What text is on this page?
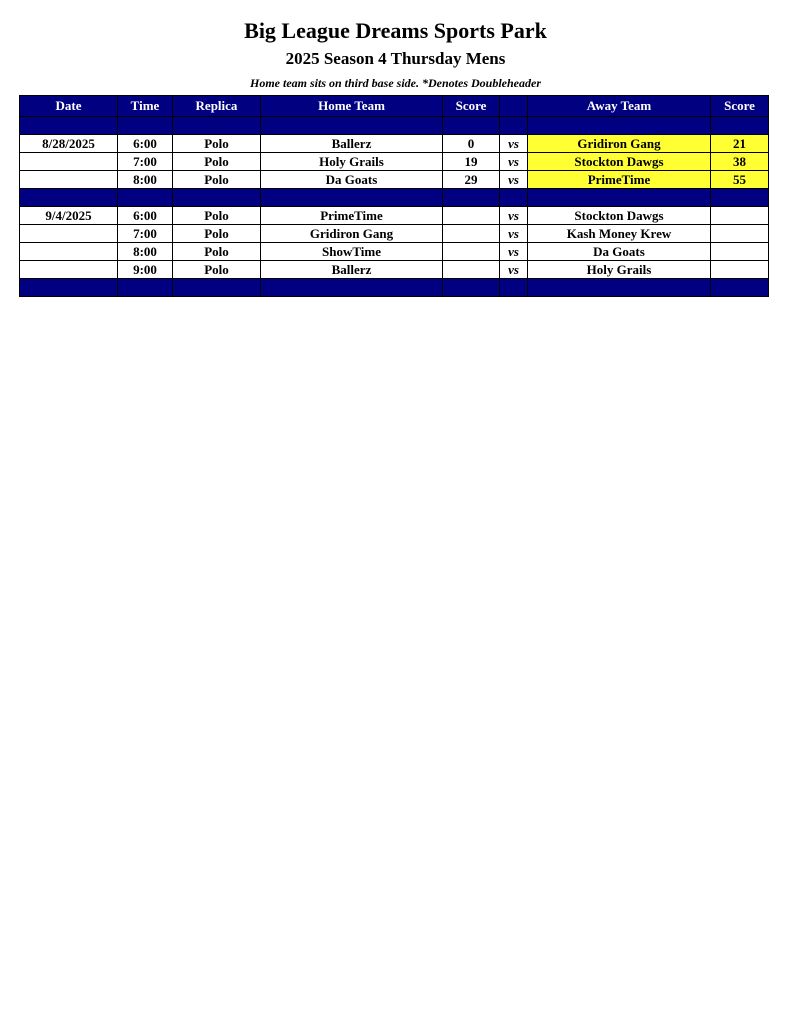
Big League Dreams Sports Park
2025 Season 4 Thursday Mens
Home team sits on third base side. *Denotes Doubleheader
Date	Time	Replica	Home Team	Score		Away Team	Score

8/28/2025	6:00	Polo	Ballerz	0	vs	Gridiron Gang	21
	7:00	Polo	Holy Grails	19	vs	Stockton Dawgs	38
	8:00	Polo	Da Goats	29	vs	PrimeTime	55

9/4/2025	6:00	Polo	PrimeTime		vs	Stockton Dawgs	
	7:00	Polo	Gridiron Gang		vs	Kash Money Krew	
	8:00	Polo	ShowTime		vs	Da Goats	
	9:00	Polo	Ballerz		vs	Holy Grails	
